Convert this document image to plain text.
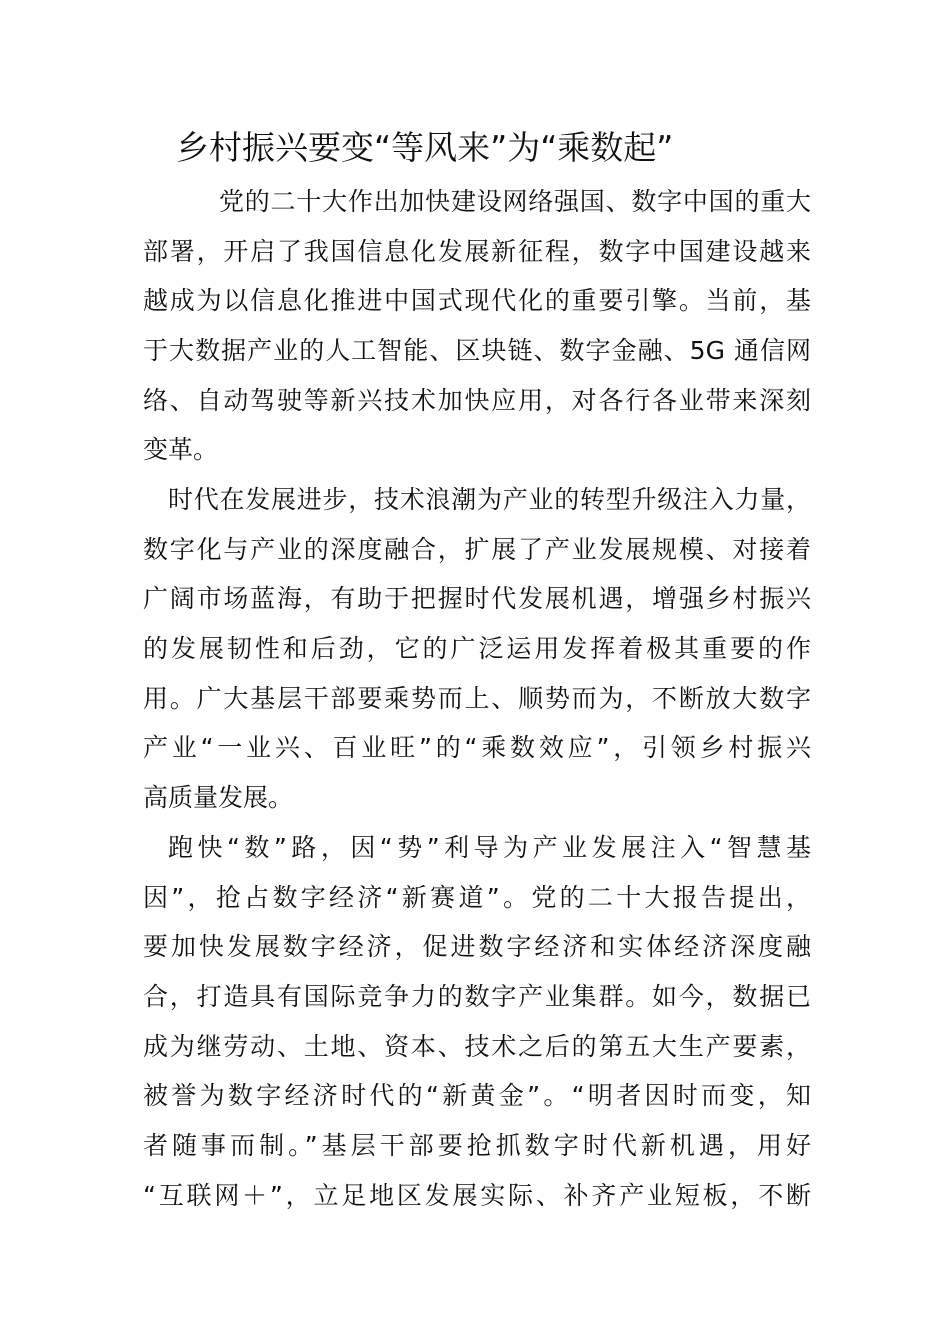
乡村振兴要变“等风来”为“乘数起”
党的二十大作出加快建设网络强国、数字中国的重大
部署，开启了我国信息化发展新征程，数字中国建设越来
越成为以信息化推进中国式现代化的重要引擎。当前，基
于大数据产业的人工智能、区块链、数字金融、5G 通信网
络、自动驾驶等新兴技术加快应用，对各行各业带来深刻
变革。
时代在发展进步，技术浪潮为产业的转型升级注入力量，
数字化与产业的深度融合，扩展了产业发展规模、对接着
广阔市场蓝海，有助于把握时代发展机遇，增强乡村振兴
的发展韧性和后劲，它的广泛运用发挥着极其重要的作
用。广大基层干部要乘势而上、顺势而为，不断放大数字
产业“一业兴、百业旺”的“乘数效应”，引领乡村振兴
高质量发展。
跑快“数”路，因“势”利导为产业发展注入“智慧基
因”，抢占数字经济“新赛道”。党的二十大报告提出，
要加快发展数字经济，促进数字经济和实体经济深度融
合，打造具有国际竞争力的数字产业集群。如今，数据已
成为继劳动、土地、资本、技术之后的第五大生产要素，
被誉为数字经济时代的“新黄金”。“明者因时而变，知
者随事而制。”基层干部要抢抓数字时代新机遇，用好
“互联网＋”，立足地区发展实际、补齐产业短板，不断
